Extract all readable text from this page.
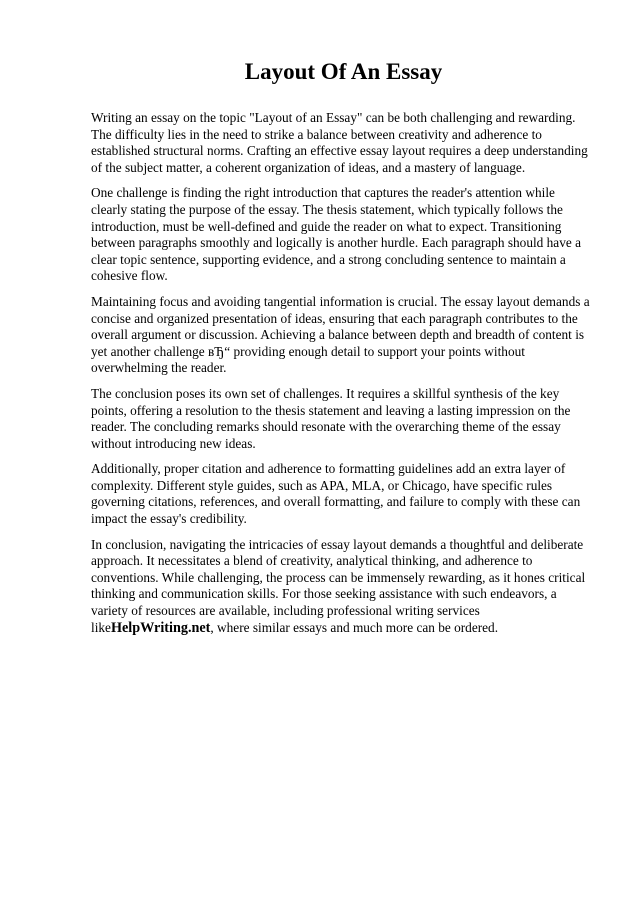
Layout Of An Essay

Writing an essay on the topic "Layout of an Essay" can be both challenging and rewarding. The difficulty lies in the need to strike a balance between creativity and adherence to established structural norms. Crafting an effective essay layout requires a deep understanding of the subject matter, a coherent organization of ideas, and a mastery of language.

One challenge is finding the right introduction that captures the reader's attention while clearly stating the purpose of the essay. The thesis statement, which typically follows the introduction, must be well-defined and guide the reader on what to expect. Transitioning between paragraphs smoothly and logically is another hurdle. Each paragraph should have a clear topic sentence, supporting evidence, and a strong concluding sentence to maintain a cohesive flow.

Maintaining focus and avoiding tangential information is crucial. The essay layout demands a concise and organized presentation of ideas, ensuring that each paragraph contributes to the overall argument or discussion. Achieving a balance between depth and breadth of content is yet another challenge вЂ“ providing enough detail to support your points without overwhelming the reader.

The conclusion poses its own set of challenges. It requires a skillful synthesis of the key points, offering a resolution to the thesis statement and leaving a lasting impression on the reader. The concluding remarks should resonate with the overarching theme of the essay without introducing new ideas.

Additionally, proper citation and adherence to formatting guidelines add an extra layer of complexity. Different style guides, such as APA, MLA, or Chicago, have specific rules governing citations, references, and overall formatting, and failure to comply with these can impact the essay's credibility.

In conclusion, navigating the intricacies of essay layout demands a thoughtful and deliberate approach. It necessitates a blend of creativity, analytical thinking, and adherence to conventions. While challenging, the process can be immensely rewarding, as it hones critical thinking and communication skills. For those seeking assistance with such endeavors, a variety of resources are available, including professional writing services likeHelpWriting.net, where similar essays and much more can be ordered.
